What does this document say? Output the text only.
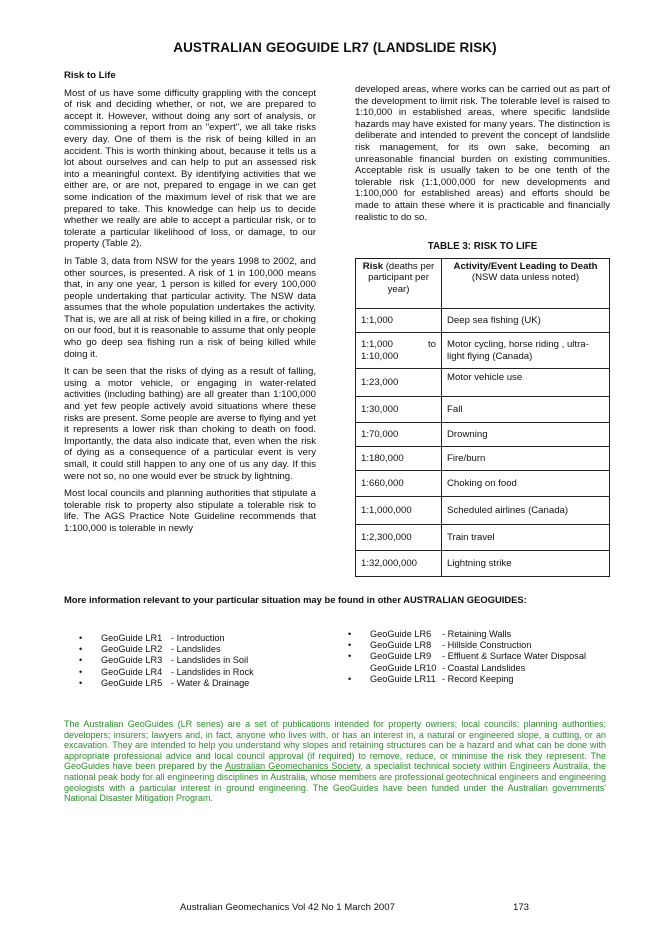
AUSTRALIAN GEOGUIDE LR7 (LANDSLIDE RISK)
Risk to Life

Most of us have some difficulty grappling with the concept of risk and deciding whether, or not, we are prepared to accept it. However, without doing any sort of analysis, or commissioning a report from an "expert", we all take risks every day. One of them is the risk of being killed in an accident. This is worth thinking about, because it tells us a lot about ourselves and can help to put an assessed risk into a meaningful context. By identifying activities that we either are, or are not, prepared to engage in we can get some indication of the maximum level of risk that we are prepared to take. This knowledge can help us to decide whether we really are able to accept a particular risk, or to tolerate a particular likelihood of loss, or damage, to our property (Table 2).

In Table 3, data from NSW for the years 1998 to 2002, and other sources, is presented. A risk of 1 in 100,000 means that, in any one year, 1 person is killed for every 100,000 people undertaking that particular activity. The NSW data assumes that the whole population undertakes the activity. That is, we are all at risk of being killed in a fire, or choking on our food, but it is reasonable to assume that only people who go deep sea fishing run a risk of being killed while doing it.

It can be seen that the risks of dying as a result of falling, using a motor vehicle, or engaging in water-related activities (including bathing) are all greater than 1:100,000 and yet few people actively avoid situations where these risks are present. Some people are averse to flying and yet it represents a lower risk than choking to death on food. Importantly, the data also indicate that, even when the risk of dying as a consequence of a particular event is very small, it could still happen to any one of us any day. If this were not so, no one would ever be struck by lightning.

Most local councils and planning authorities that stipulate a tolerable risk to property also stipulate a tolerable risk to life. The AGS Practice Note Guideline recommends that 1:100,000 is tolerable in newly

developed areas, where works can be carried out as part of the development to limit risk. The tolerable level is raised to 1:10,000 in established areas, where specific landslide hazards may have existed for many years. The distinction is deliberate and intended to prevent the concept of landslide risk management, for its own sake, becoming an unreasonable financial burden on existing communities. Acceptable risk is usually taken to be one tenth of the tolerable risk (1:1,000,000 for new developments and 1:100,000 for established areas) and efforts should be made to attain these where it is practicable and financially realistic to do so.

TABLE 3: RISK TO LIFE
Risk (deaths per participant per year)	Activity/Event Leading to Death
(NSW data unless noted)
1:1,000	Deep sea fishing (UK)

1:1,000 to
1:10,000	Motor cycling, horse riding , ultra-light flying (Canada)
1:23,000	Motor vehicle use
1:30,000	Fall
1:70,000	Drowning
1:180,000	Fire/burn
1:660,000	Choking on food
1:1,000,000	Scheduled airlines (Canada)
1:2,300,000	Train travel
1:32,000,000	Lightning strike
More information relevant to your particular situation may be found in other AUSTRALIAN GEOGUIDES:
• GeoGuide LR1 - Introduction
• GeoGuide LR2 - Landslides
• GeoGuide LR3 - Landslides in Soil
• GeoGuide LR4 - Landslides in Rock
• GeoGuide LR5 - Water & Drainage
• GeoGuide LR6 - Retaining Walls
• GeoGuide LR8 - Hillside Construction
• GeoGuide LR9 - Effluent & Surface Water Disposal
GeoGuide LR10 - Coastal Landslides
• GeoGuide LR11 - Record Keeping
The Australian GeoGuides (LR series) are a set of publications intended for property owners; local councils; planning authorities; developers; insurers; lawyers and, in fact, anyone who lives with, or has an interest in, a natural or engineered slope, a cutting, or an excavation. They are intended to help you understand why slopes and retaining structures can be a hazard and what can be done with appropriate professional advice and local council approval (if required) to remove, reduce, or minimise the risk they represent. The GeoGuides have been prepared by the Australian Geomechanics Society, a specialist technical society within Engineers Australia, the national peak body for all engineering disciplines in Australia, whose members are professional geotechnical engineers and engineering geologists with a particular interest in ground engineering. The GeoGuides have been funded under the Australian governments' National Disaster Mitigation Program.
Australian Geomechanics Vol 42 No 1 March 2007	173
